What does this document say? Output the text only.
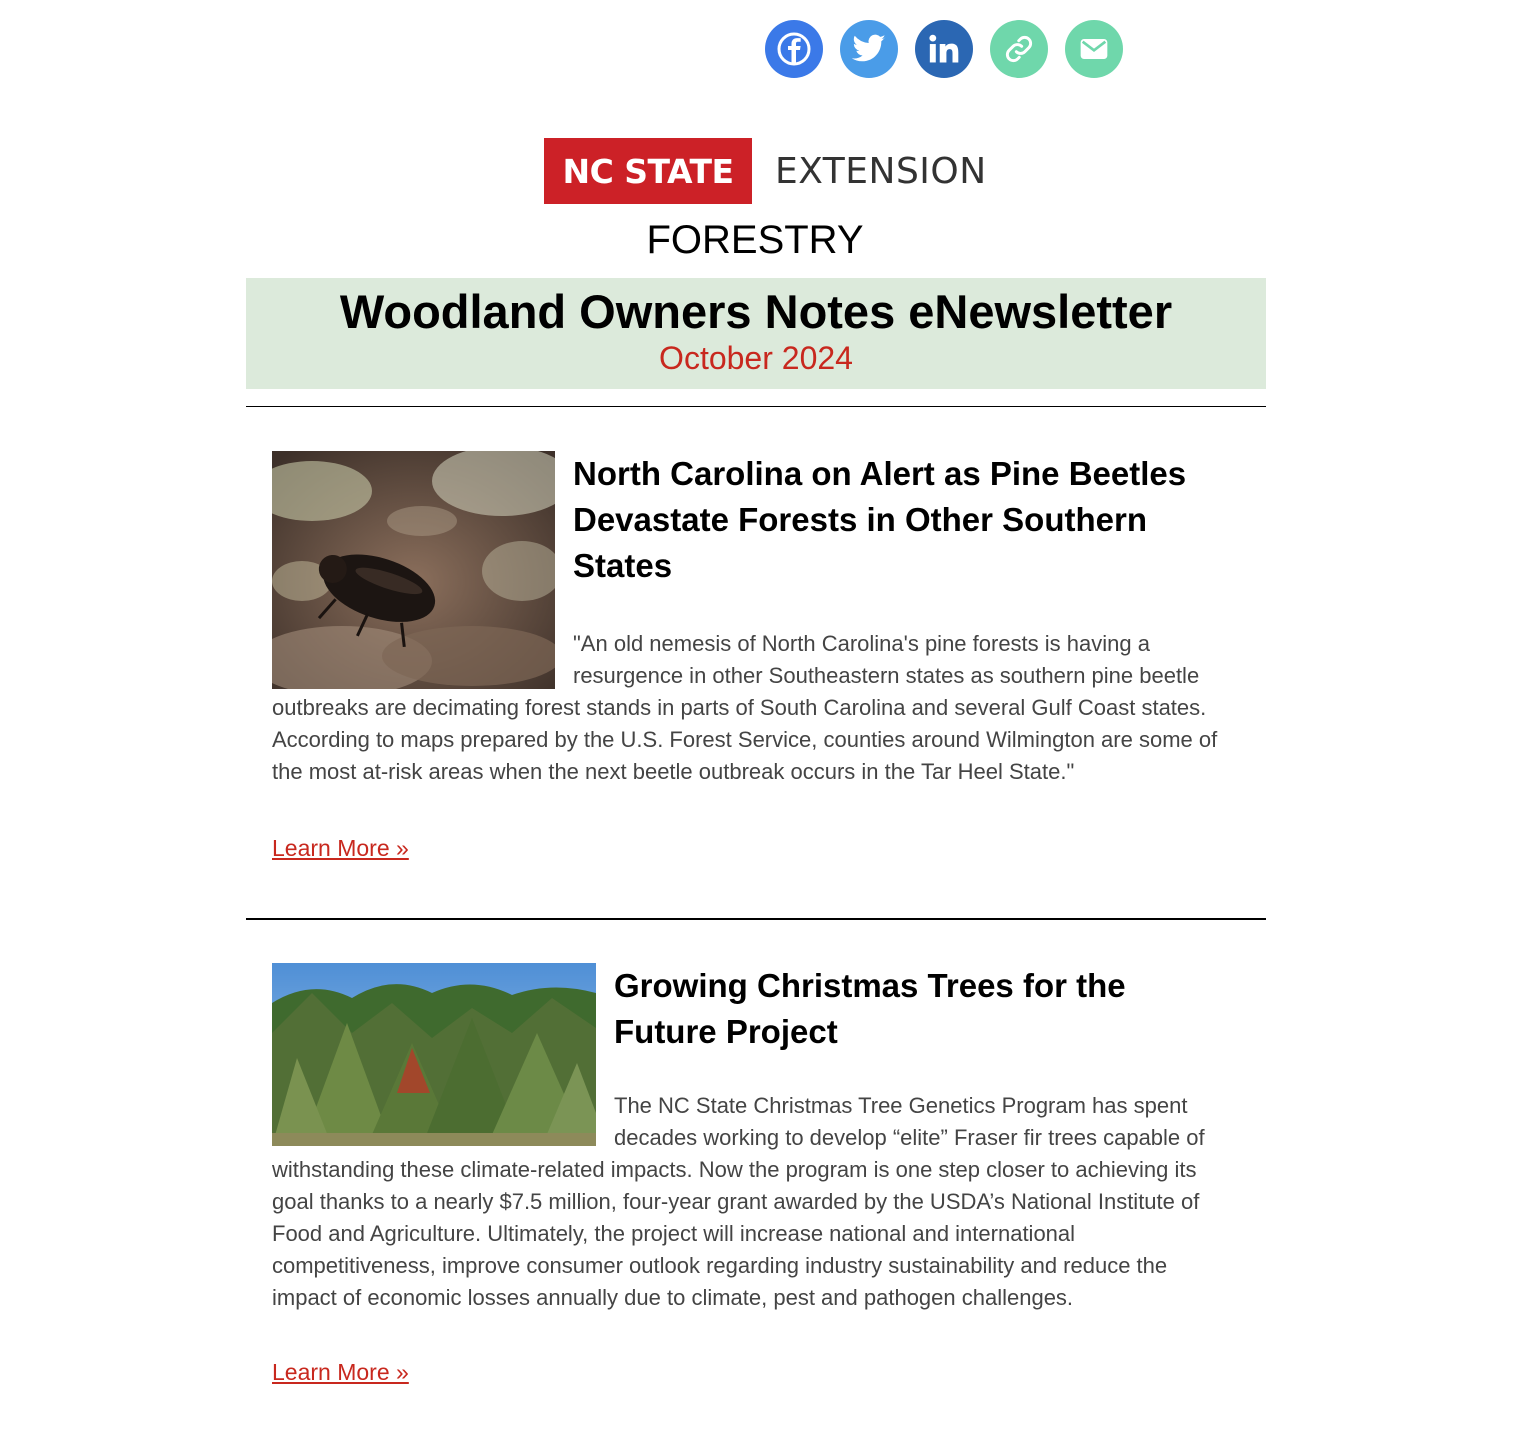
NC STATE	EXTENSION
FORESTRY
Woodland Owners Notes eNewsletter
October 2024
North Carolina on Alert as Pine Beetles Devastate Forests in Other Southern States

"An old nemesis of North Carolina's pine forests is having a resurgence in other Southeastern states as southern pine beetle outbreaks are decimating forest stands in parts of South Carolina and several Gulf Coast states. According to maps prepared by the U.S. Forest Service, counties around Wilmington are some of the most at-risk areas when the next beetle outbreak occurs in the Tar Heel State."

Learn More »
Growing Christmas Trees for the Future Project

The NC State Christmas Tree Genetics Program has spent decades working to develop “elite” Fraser fir trees capable of withstanding these climate-related impacts. Now the program is one step closer to achieving its goal thanks to a nearly $7.5 million, four-year grant awarded by the USDA’s National Institute of Food and Agriculture. Ultimately, the project will increase national and international competitiveness, improve consumer outlook regarding industry sustainability and reduce the impact of economic losses annually due to climate, pest and pathogen challenges.

Learn More »
